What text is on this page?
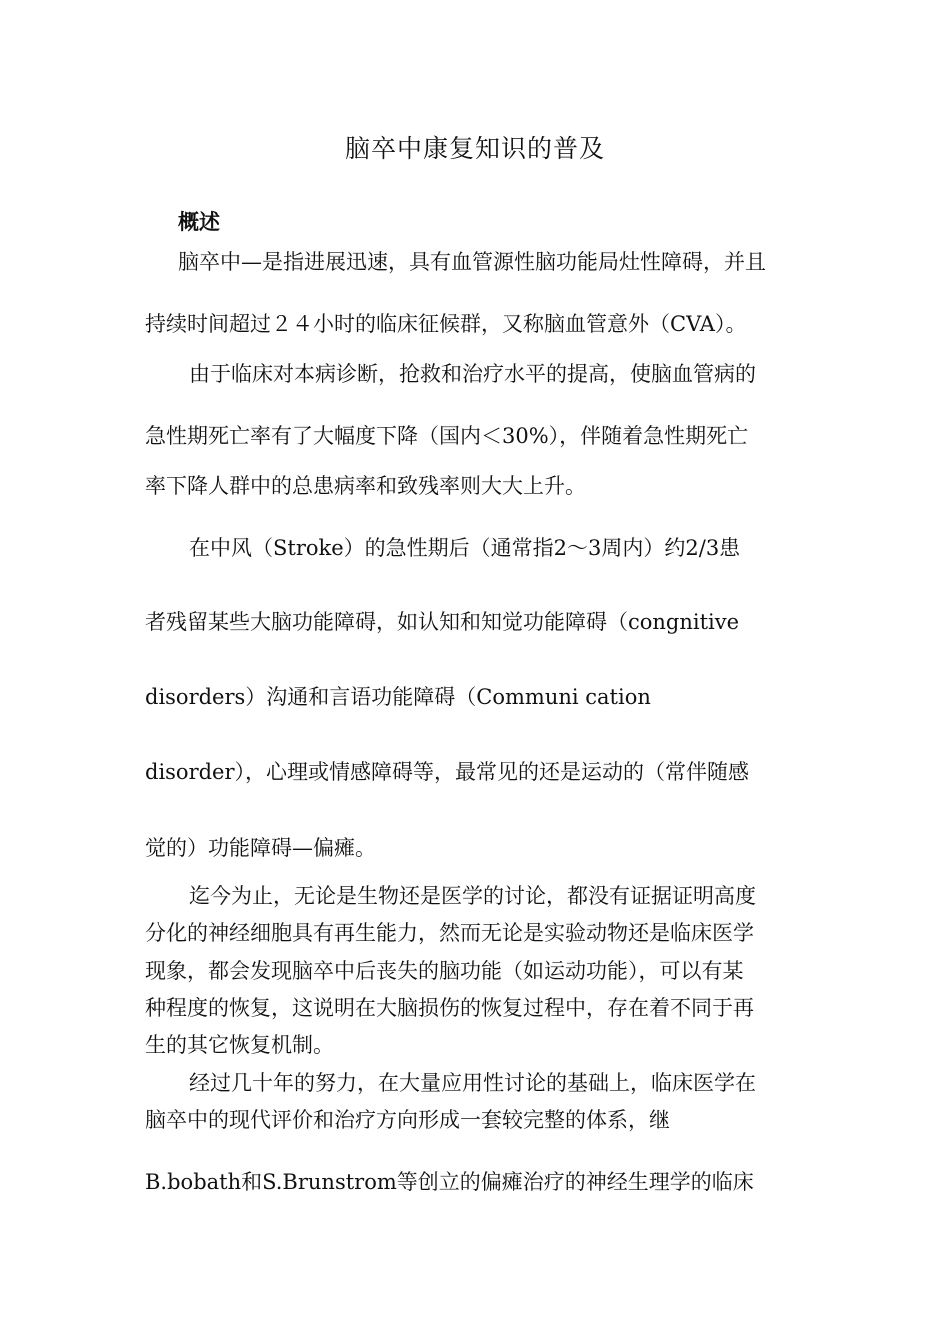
脑卒中康复知识的普及
概述
脑卒中—是指进展迅速，具有血管源性脑功能局灶性障碍，并且
持续时间超过２４小时的临床征候群，又称脑血管意外（CVA）。
由于临床对本病诊断，抢救和治疗水平的提高，使脑血管病的
急性期死亡率有了大幅度下降（国内＜30%），伴随着急性期死亡
率下降人群中的总患病率和致残率则大大上升。
在中风（Stroke）的急性期后（通常指2～3周内）约2/3患
者残留某些大脑功能障碍，如认知和知觉功能障碍（congnitive
disorders）沟通和言语功能障碍（Communi cation
disorder），心理或情感障碍等，最常见的还是运动的（常伴随感
觉的）功能障碍—偏瘫。
迄今为止，无论是生物还是医学的讨论，都没有证据证明高度
分化的神经细胞具有再生能力，然而无论是实验动物还是临床医学
现象，都会发现脑卒中后丧失的脑功能（如运动功能），可以有某
种程度的恢复，这说明在大脑损伤的恢复过程中，存在着不同于再
生的其它恢复机制。
经过几十年的努力，在大量应用性讨论的基础上，临床医学在
脑卒中的现代评价和治疗方向形成一套较完整的体系，继
B.bobath和S.Brunstrom等创立的偏瘫治疗的神经生理学的临床
